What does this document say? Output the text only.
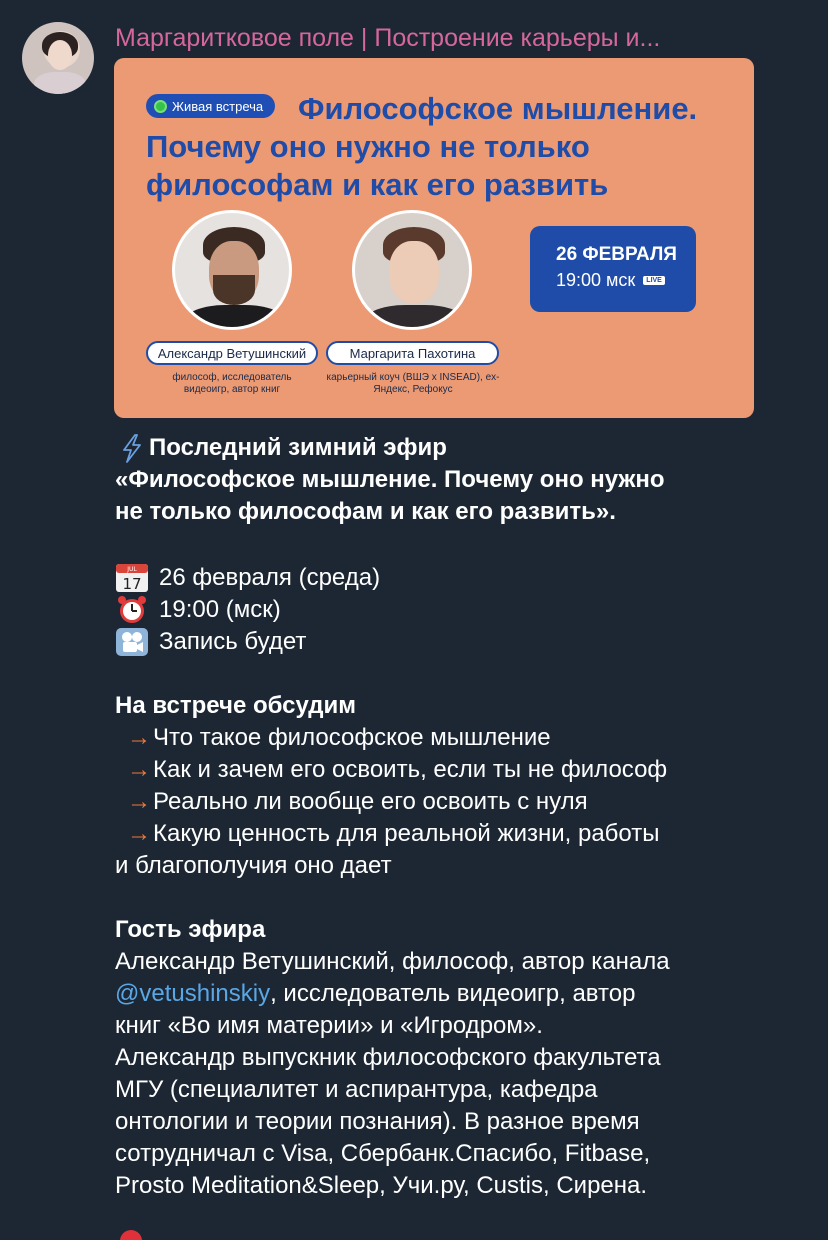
Маргаритковое поле | Построение карьеры и...
Философское мышление. Почему оно нужно не только философам и как его развить
Живая встреча
Александр Ветушинский	Маргарита Пахотина
философ, исследователь видеоигр, автор книг
карьерный коуч (ВШЭ x INSEAD), ex-Яндекс, Рефокус
26 ФЕВРАЛЯ
19:00 мск	LIVE
Последний зимний эфир
«Философское мышление. Почему оно нужно
не только философам и как его развить».
JUL
17 26 февраля (среда)
19:00 (мск)
Запись будет
На встрече обсудим
→ Что такое философское мышление
→ Как и зачем его освоить, если ты не философ
→ Реально ли вообще его освоить с нуля
→ Какую ценность для реальной жизни, работы
и благополучия оно дает
Гость эфира
Александр Ветушинский, философ, автор канала
@vetushinskiy , исследователь видеоигр, автор
книг «Во имя материи» и «Игродром».
Александр выпускник философского факультета
МГУ (специалитет и аспирантура, кафедра
онтологии и теории познания). В разное время
сотрудничал с Visa, Сбербанк.Спасибо, Fitbase,
Prosto Meditation&Sleep, Учи.ру, Custis, Сирена.
